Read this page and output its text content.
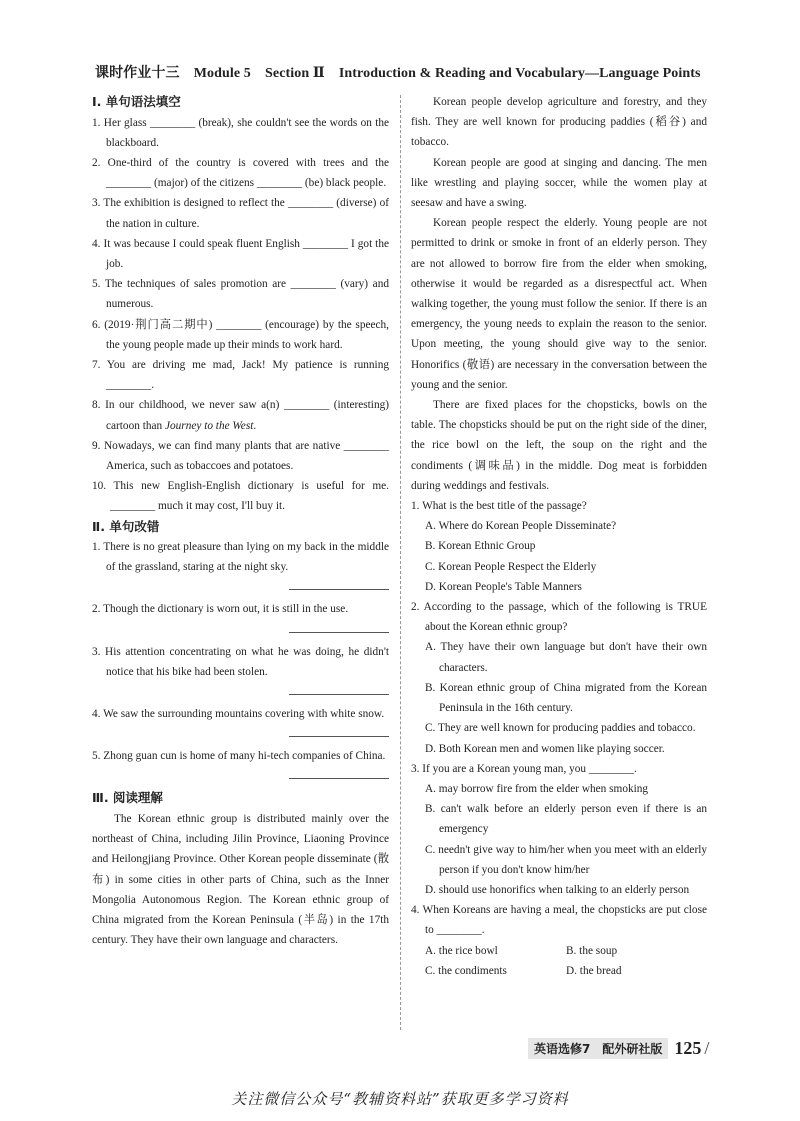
课时作业十三　Module 5　Section Ⅱ　Introduction & Reading and Vocabulary—Language Points

Ⅰ. 单句语法填空

1. Her glass ________ (break), she couldn't see the words on the blackboard.

2. One-third of the country is covered with trees and the ________ (major) of the citizens ________ (be) black people.

3. The exhibition is designed to reflect the ________ (diverse) of the nation in culture.

4. It was because I could speak fluent English ________ I got the job.

5. The techniques of sales promotion are ________ (vary) and numerous.

6. (2019·荆门高二期中) ________ (encourage) by the speech, the young people made up their minds to work hard.

7. You are driving me mad, Jack! My patience is running ________.

8. In our childhood, we never saw a(n) ________ (interesting) cartoon than Journey to the West.

9. Nowadays, we can find many plants that are native ________ America, such as tobaccoes and potatoes.

10. This new English-English dictionary is useful for me. ________ much it may cost, I'll buy it.

Ⅱ. 单句改错

1. There is no great pleasure than lying on my back in the middle of the grassland, staring at the night sky.

2. Though the dictionary is worn out, it is still in the use.

3. His attention concentrating on what he was doing, he didn't notice that his bike had been stolen.

4. We saw the surrounding mountains covering with white snow.

5. Zhong guan cun is home of many hi-tech companies of China.

Ⅲ. 阅读理解

The Korean ethnic group is distributed mainly over the northeast of China, including Jilin Province, Liaoning Province and Heilongjiang Province. Other Korean people disseminate (散布) in some cities in other parts of China, such as the Inner Mongolia Autonomous Region. The Korean ethnic group of China migrated from the Korean Peninsula (半岛) in the 17th century. They have their own language and characters.

Korean people develop agriculture and forestry, and they fish. They are well known for producing paddies (稻谷) and tobacco.

Korean people are good at singing and dancing. The men like wrestling and playing soccer, while the women play at seesaw and have a swing.

Korean people respect the elderly. Young people are not permitted to drink or smoke in front of an elderly person. They are not allowed to borrow fire from the elder when smoking, otherwise it would be regarded as a disrespectful act. When walking together, the young must follow the senior. If there is an emergency, the young needs to explain the reason to the senior. Upon meeting, the young should give way to the senior. Honorifics (敬语) are necessary in the conversation between the young and the senior.

There are fixed places for the chopsticks, bowls on the table. The chopsticks should be put on the right side of the diner, the rice bowl on the left, the soup on the right and the condiments (调味品) in the middle. Dog meat is forbidden during weddings and festivals.

1. What is the best title of the passage?

A. Where do Korean People Disseminate?

B. Korean Ethnic Group

C. Korean People Respect the Elderly

D. Korean People's Table Manners

2. According to the passage, which of the following is TRUE about the Korean ethnic group?

A. They have their own language but don't have their own characters.

B. Korean ethnic group of China migrated from the Korean Peninsula in the 16th century.

C. They are well known for producing paddies and tobacco.

D. Both Korean men and women like playing soccer.

3. If you are a Korean young man, you ________.

A. may borrow fire from the elder when smoking

B. can't walk before an elderly person even if there is an emergency

C. needn't give way to him/her when you meet with an elderly person if you don't know him/her

D. should use honorifics when talking to an elderly person

4. When Koreans are having a meal, the chopsticks are put close to ________.

A. the rice bowl	B. the soup
C. the condiments	D. the bread
英语选修7　配外研社版 125 /
关注微信公众号“教辅资料站”获取更多学习资料
